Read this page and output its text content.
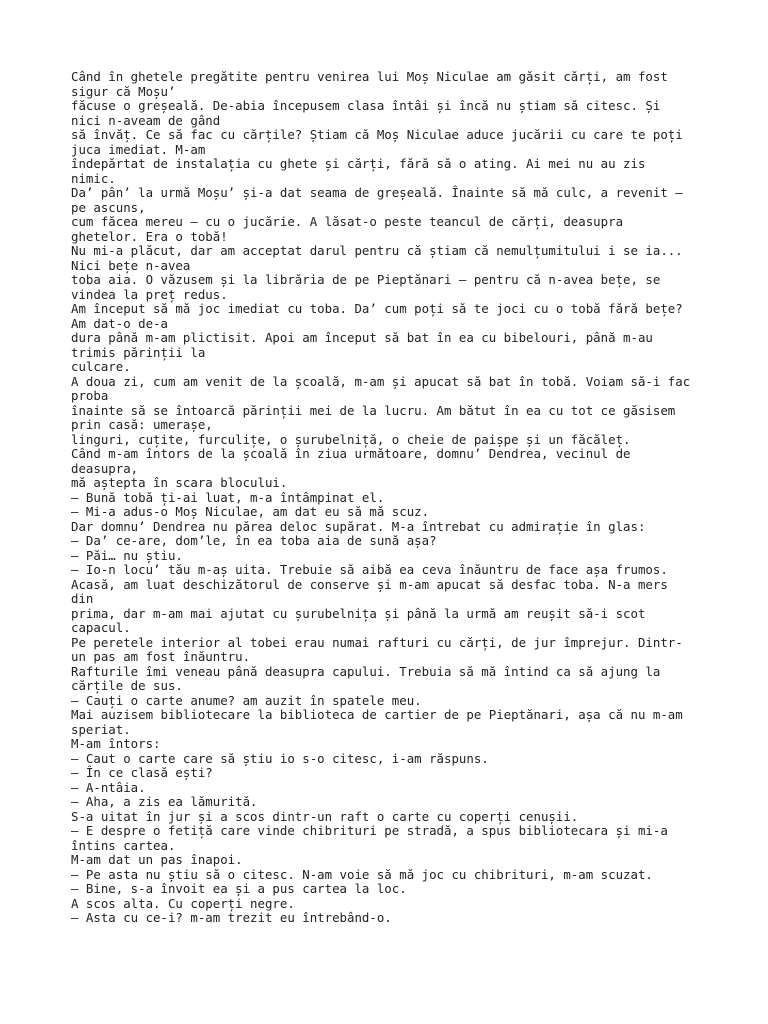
Când în ghetele pregătite pentru venirea lui Moș Niculae am găsit cărți, am fost
sigur că Moșu’
făcuse o greșeală. De-abia începusem clasa întâi și încă nu știam să citesc. Și
nici n-aveam de gând
să învăț. Ce să fac cu cărțile? Știam că Moș Niculae aduce jucării cu care te poți
juca imediat. M-am
îndepărtat de instalația cu ghete și cărți, fără să o ating. Ai mei nu au zis
nimic.
Da’ pân’ la urmă Moșu’ și-a dat seama de greșeală. Înainte să mă culc, a revenit –
pe ascuns,
cum făcea mereu – cu o jucărie. A lăsat-o peste teancul de cărți, deasupra
ghetelor. Era o tobă!
Nu mi-a plăcut, dar am acceptat darul pentru că știam că nemulțumitului i se ia...
Nici bețe n-avea
toba aia. O văzusem și la librăria de pe Pieptănari – pentru că n-avea bețe, se
vindea la preț redus.
Am început să mă joc imediat cu toba. Da’ cum poți să te joci cu o tobă fără bețe?
Am dat-o de-a
dura până m-am plictisit. Apoi am început să bat în ea cu bibelouri, până m-au
trimis părinții la
culcare.
A doua zi, cum am venit de la școală, m-am și apucat să bat în tobă. Voiam să-i fac
proba
înainte să se întoarcă părinții mei de la lucru. Am bătut în ea cu tot ce găsisem
prin casă: umerașe,
linguri, cuțite, furculițe, o șurubelniță, o cheie de paișpe și un făcăleț.
Când m-am întors de la școală în ziua următoare, domnu’ Dendrea, vecinul de
deasupra,
mă aștepta în scara blocului.
— Bună tobă ți-ai luat, m-a întâmpinat el.
— Mi-a adus-o Moș Niculae, am dat eu să mă scuz.
Dar domnu’ Dendrea nu părea deloc supărat. M-a întrebat cu admirație în glas:
— Da’ ce-are, dom’le, în ea toba aia de sună așa?
— Păi… nu știu.
— Io-n locu’ tău m-aș uita. Trebuie să aibă ea ceva înăuntru de face așa frumos.
Acasă, am luat deschizătorul de conserve și m-am apucat să desfac toba. N-a mers
din
prima, dar m-am mai ajutat cu șurubelnița și până la urmă am reușit să-i scot
capacul.
Pe peretele interior al tobei erau numai rafturi cu cărți, de jur împrejur. Dintr-
un pas am fost înăuntru.
Rafturile îmi veneau până deasupra capului. Trebuia să mă întind ca să ajung la
cărțile de sus.
— Cauți o carte anume? am auzit în spatele meu.
Mai auzisem bibliotecare la biblioteca de cartier de pe Pieptănari, așa că nu m-am
speriat.
M-am întors:
— Caut o carte care să știu io s-o citesc, i-am răspuns.
— În ce clasă ești?
— A-ntâia.
— Aha, a zis ea lămurită.
S-a uitat în jur și a scos dintr-un raft o carte cu coperți cenușii.
— E despre o fetiță care vinde chibrituri pe stradă, a spus bibliotecara și mi-a
întins cartea.
M-am dat un pas înapoi.
— Pe asta nu știu să o citesc. N-am voie să mă joc cu chibrituri, m-am scuzat.
— Bine, s-a învoit ea și a pus cartea la loc.
A scos alta. Cu coperți negre.
— Asta cu ce-i? m-am trezit eu întrebând-o.
